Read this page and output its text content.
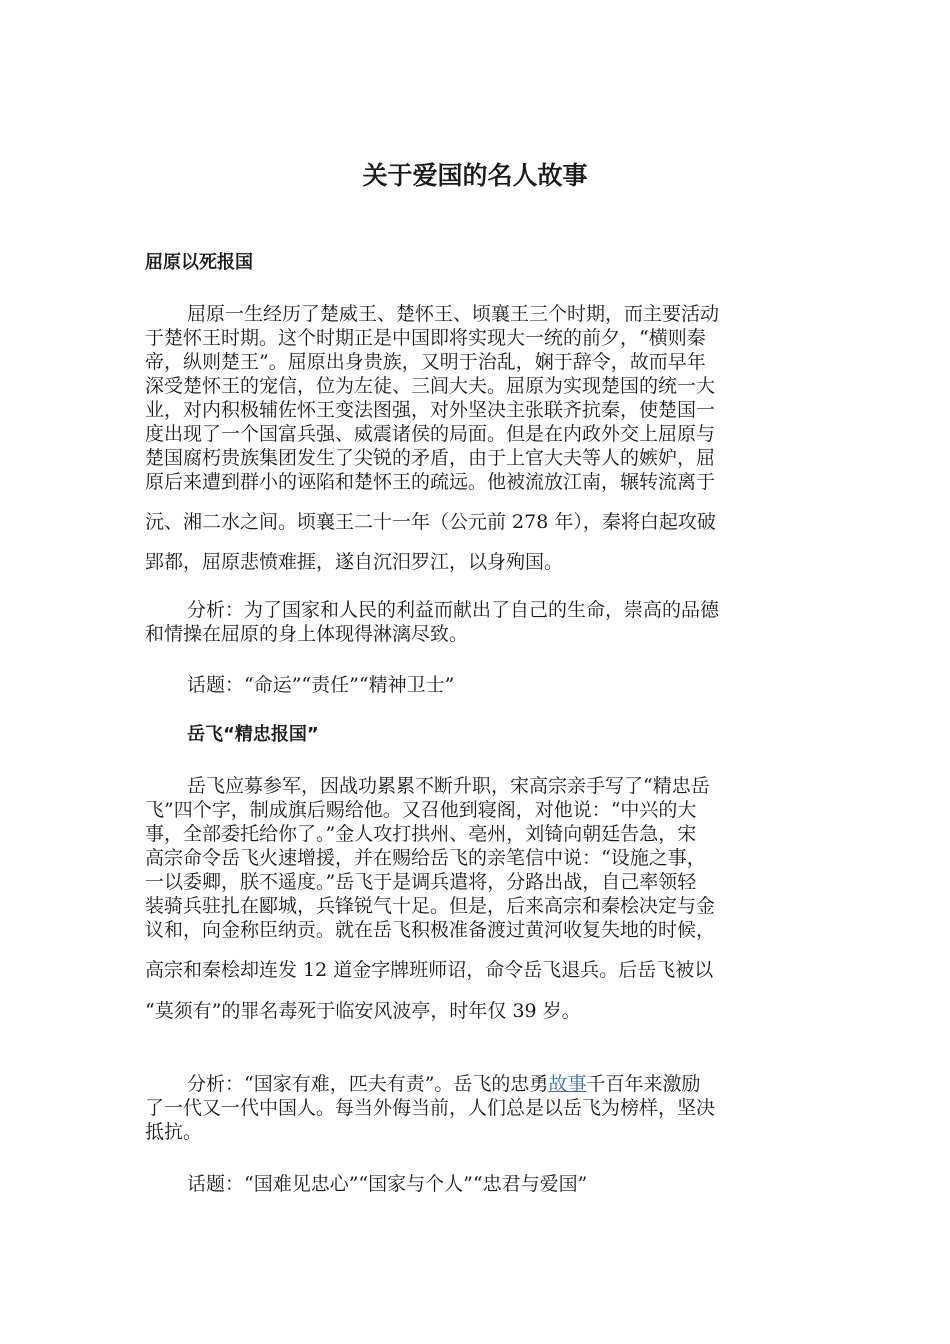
关于爱国的名人故事
屈原以死报国
屈原一生经历了楚威王、楚怀王、顷襄王三个时期，而主要活动
于楚怀王时期。这个时期正是中国即将实现大一统的前夕，“横则秦
帝，纵则楚王”。屈原出身贵族，又明于治乱，娴于辞令，故而早年
深受楚怀王的宠信，位为左徒、三闾大夫。屈原为实现楚国的统一大
业，对内积极辅佐怀王变法图强，对外坚决主张联齐抗秦，使楚国一
度出现了一个国富兵强、威震诸侯的局面。但是在内政外交上屈原与
楚国腐朽贵族集团发生了尖锐的矛盾，由于上官大夫等人的嫉妒，屈
原后来遭到群小的诬陷和楚怀王的疏远。他被流放江南，辗转流离于
沅、湘二水之间。顷襄王二十一年（公元前 278 年），秦将白起攻破
郢都，屈原悲愤难捱，遂自沉汨罗江，以身殉国。
分析：为了国家和人民的利益而献出了自己的生命，崇高的品德
和情操在屈原的身上体现得淋漓尽致。
话题：“命运”“责任”“精神卫士”
岳飞“精忠报国”
岳飞应募参军，因战功累累不断升职，宋高宗亲手写了“精忠岳
飞”四个字，制成旗后赐给他。又召他到寝阁，对他说：“中兴的大
事，全部委托给你了。”金人攻打拱州、亳州，刘锜向朝廷告急，宋
高宗命令岳飞火速增援，并在赐给岳飞的亲笔信中说：“设施之事，
一以委卿，朕不遥度。”岳飞于是调兵遣将，分路出战，自己率领轻
装骑兵驻扎在郾城，兵锋锐气十足。但是，后来高宗和秦桧决定与金
议和，向金称臣纳贡。就在岳飞积极准备渡过黄河收复失地的时候，
高宗和秦桧却连发 12 道金字牌班师诏，命令岳飞退兵。后岳飞被以
“莫须有”的罪名毒死于临安风波亭，时年仅 39 岁。
分析：“国家有难，匹夫有责”。岳飞的忠勇故事千百年来激励
了一代又一代中国人。每当外侮当前，人们总是以岳飞为榜样，坚决
抵抗。
话题：“国难见忠心”“国家与个人”“忠君与爱国”
